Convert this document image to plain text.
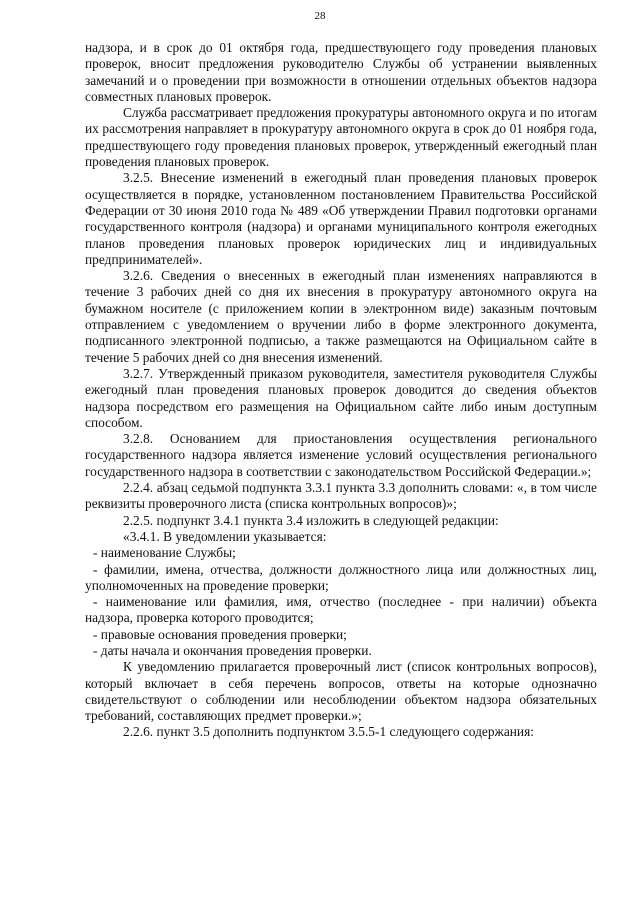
28

надзора, и в срок до 01 октября года, предшествующего году проведения плановых проверок, вносит предложения руководителю Службы об устранении выявленных замечаний и о проведении при возможности в отношении отдельных объектов надзора совместных плановых проверок.

Служба рассматривает предложения прокуратуры автономного округа и по итогам их рассмотрения направляет в прокуратуру автономного округа в срок до 01 ноября года, предшествующего году проведения плановых проверок, утвержденный ежегодный план проведения плановых проверок.

3.2.5. Внесение изменений в ежегодный план проведения плановых проверок осуществляется в порядке, установленном постановлением Правительства Российской Федерации от 30 июня 2010 года № 489 «Об утверждении Правил подготовки органами государственного контроля (надзора) и органами муниципального контроля ежегодных планов проведения плановых проверок юридических лиц и индивидуальных предпринимателей».

3.2.6. Сведения о внесенных в ежегодный план изменениях направляются в течение 3 рабочих дней со дня их внесения в прокуратуру автономного округа на бумажном носителе (с приложением копии в электронном виде) заказным почтовым отправлением с уведомлением о вручении либо в форме электронного документа, подписанного электронной подписью, а также размещаются на Официальном сайте в течение 5 рабочих дней со дня внесения изменений.

3.2.7. Утвержденный приказом руководителя, заместителя руководителя Службы ежегодный план проведения плановых проверок доводится до сведения объектов надзора посредством его размещения на Официальном сайте либо иным доступным способом.

3.2.8. Основанием для приостановления осуществления регионального государственного надзора является изменение условий осуществления регионального государственного надзора в соответствии с законодательством Российской Федерации.»;

2.2.4. абзац седьмой подпункта 3.3.1 пункта 3.3 дополнить словами: «, в том числе реквизиты проверочного листа (списка контрольных вопросов)»;

2.2.5. подпункт 3.4.1 пункта 3.4 изложить в следующей редакции:

«3.4.1. В уведомлении указывается:

- наименование Службы;

- фамилии, имена, отчества, должности должностного лица или должностных лиц, уполномоченных на проведение проверки;

- наименование или фамилия, имя, отчество (последнее - при наличии) объекта надзора, проверка которого проводится;

- правовые основания проведения проверки;

- даты начала и окончания проведения проверки.

К уведомлению прилагается проверочный лист (список контрольных вопросов), который включает в себя перечень вопросов, ответы на которые однозначно свидетельствуют о соблюдении или несоблюдении объектом надзора обязательных требований, составляющих предмет проверки.»;

2.2.6. пункт 3.5 дополнить подпунктом 3.5.5-1 следующего содержания:
